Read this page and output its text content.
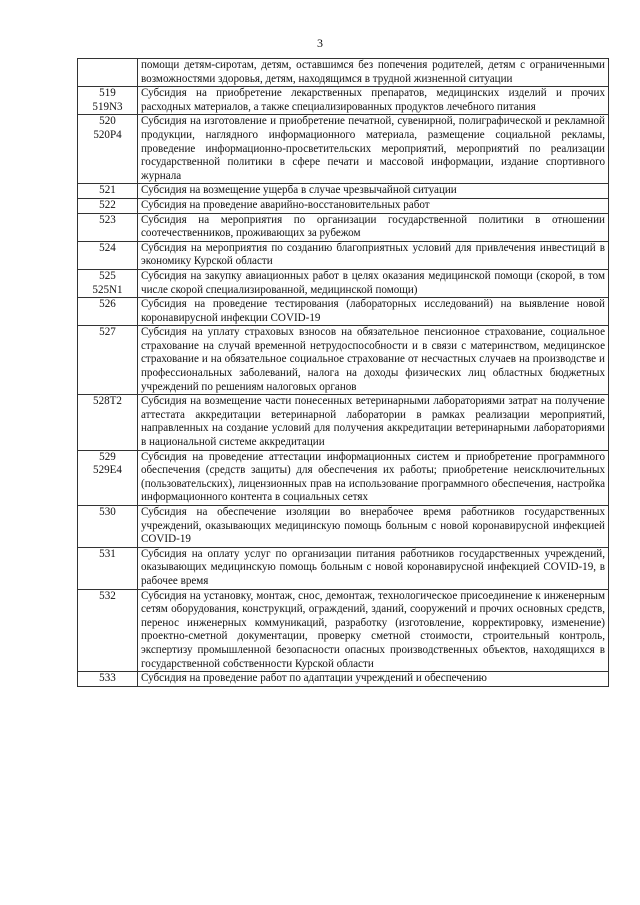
3
	помощи детям-сиротам, детям, оставшимся без попечения родителей, детям с ограниченными возможностями здоровья, детям, находящимся в трудной жизненной ситуации
519
519N3	Субсидия на приобретение лекарственных препаратов, медицинских изделий и прочих расходных материалов, а также специализированных продуктов лечебного питания
520
520Р4	Субсидия на изготовление и приобретение печатной, сувенирной, полиграфической и рекламной продукции, наглядного информационного материала, размещение социальной рекламы, проведение информационно-просветительских мероприятий, мероприятий по реализации государственной политики в сфере печати и массовой информации, издание спортивного журнала
521	Субсидия на возмещение ущерба в случае чрезвычайной ситуации
522	Субсидия на проведение аварийно-восстановительных работ
523	Субсидия на мероприятия по организации государственной политики в отношении соотечественников, проживающих за рубежом
524	Субсидия на мероприятия по созданию благоприятных условий для привлечения инвестиций в экономику Курской области
525
525N1	Субсидия на закупку авиационных работ в целях оказания медицинской помощи (скорой, в том числе скорой специализированной, медицинской помощи)
526	Субсидия на проведение тестирования (лабораторных исследований) на выявление новой коронавирусной инфекции COVID-19
527	Субсидия на уплату страховых взносов на обязательное пенсионное страхование, социальное страхование на случай временной нетрудоспособности и в связи с материнством, медицинское страхование и на обязательное социальное страхование от несчастных случаев на производстве и профессиональных заболеваний, налога на доходы физических лиц областных бюджетных учреждений по решениям налоговых органов
528Т2	Субсидия на возмещение части понесенных ветеринарными лабораториями затрат на получение аттестата аккредитации ветеринарной лаборатории в рамках реализации мероприятий, направленных на создание условий для получения аккредитации ветеринарными лабораториями в национальной системе аккредитации
529
529Е4	Субсидия на проведение аттестации информационных систем и приобретение программного обеспечения (средств защиты) для обеспечения их работы; приобретение неисключительных (пользовательских), лицензионных прав на использование программного обеспечения, настройка информационного контента в социальных сетях
530	Субсидия на обеспечение изоляции во внерабочее время работников государственных учреждений, оказывающих медицинскую помощь больным с новой коронавирусной инфекцией COVID-19
531	Субсидия на оплату услуг по организации питания работников государственных учреждений, оказывающих медицинскую помощь больным с новой коронавирусной инфекцией COVID-19, в рабочее время
532	Субсидия на установку, монтаж, снос, демонтаж, технологическое присоединение к инженерным сетям оборудования, конструкций, ограждений, зданий, сооружений и прочих основных средств, перенос инженерных коммуникаций, разработку (изготовление, корректировку, изменение) проектно-сметной документации, проверку сметной стоимости, строительный контроль, экспертизу промышленной безопасности опасных производственных объектов, находящихся в государственной собственности Курской области
533	Субсидия на проведение работ по адаптации учреждений и обеспечению
